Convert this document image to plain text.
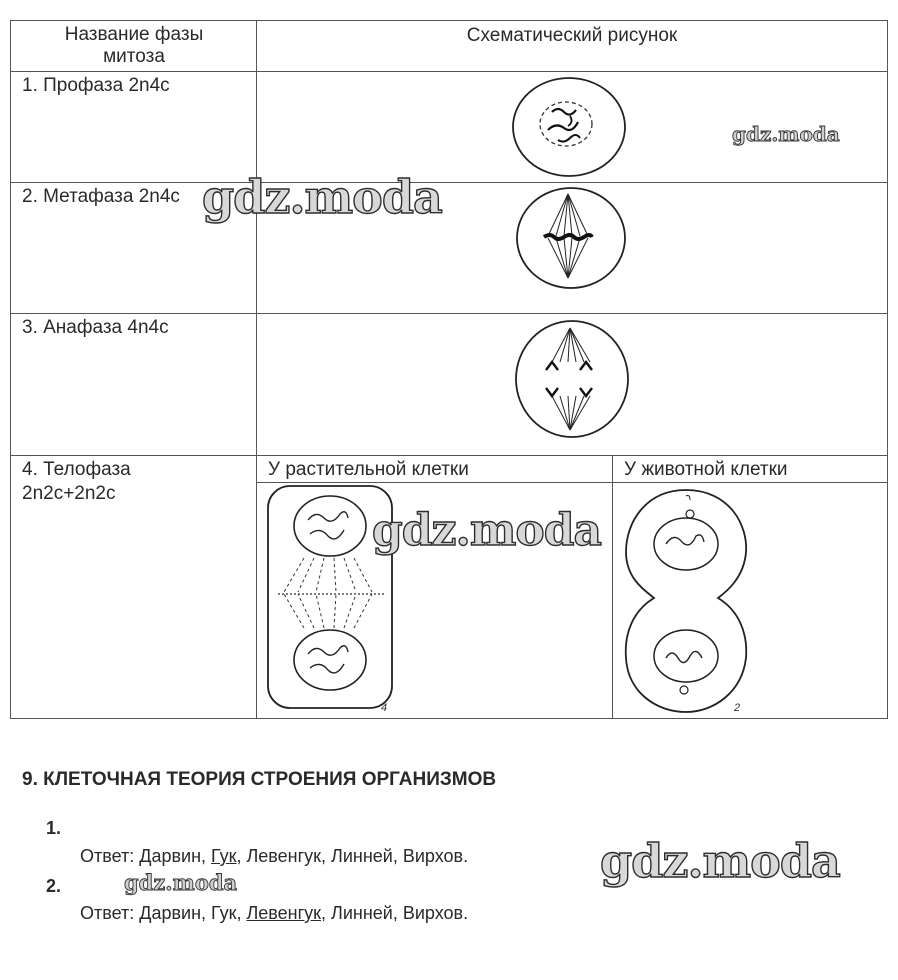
Название фазы митоза
Схематический рисунок
1. Профаза 2n4c
2. Метафаза 2n4c
3. Анафаза 4n4c
4. Телофаза 2n2c+2n2c
У растительной клетки	У животной клетки
4	2
9. КЛЕТОЧНАЯ ТЕОРИЯ СТРОЕНИЯ ОРГАНИЗМОВ
1.
Ответ: Дарвин, Гук, Левенгук, Линней, Вирхов.
2.
Ответ: Дарвин, Гук, Левенгук, Линней, Вирхов.
gdz.moda
gdz.moda
gdz.moda
gdz.moda
gdz.moda
